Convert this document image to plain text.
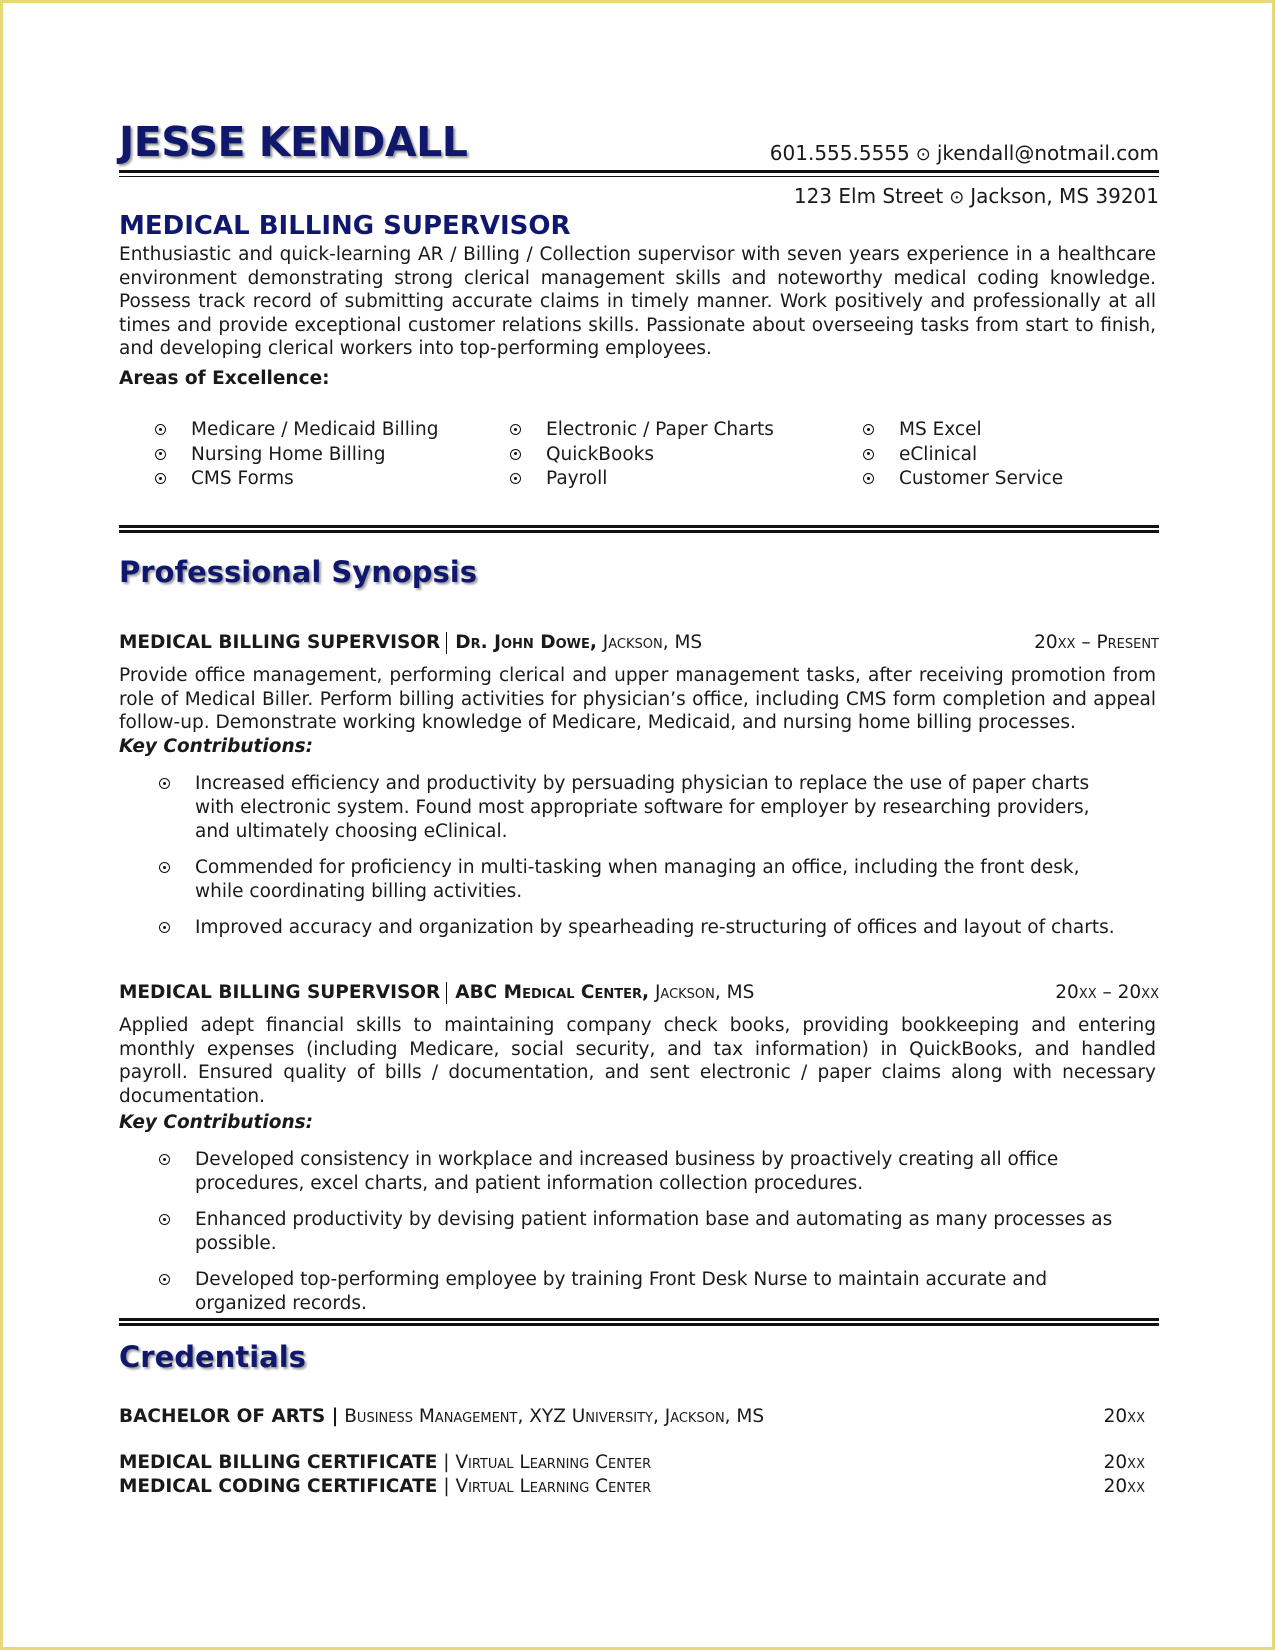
JESSE KENDALL	601.555.5555 ⊙ jkendall@notmail.com
123 Elm Street ⊙ Jackson, MS 39201
MEDICAL BILLING SUPERVISOR
Enthusiastic and quick-learning AR / Billing / Collection supervisor with seven years experience in a healthcare environment demonstrating strong clerical management skills and noteworthy medical coding knowledge. Possess track record of submitting accurate claims in timely manner. Work positively and professionally at all times and provide exceptional customer relations skills. Passionate about overseeing tasks from start to finish, and developing clerical workers into top-performing employees.
Areas of Excellence:
Medicare / Medicaid Billing
Nursing Home Billing
CMS Forms
Electronic / Paper Charts
QuickBooks
Payroll
MS Excel
eClinical
Customer Service
Professional Synopsis
MEDICAL BILLING SUPERVISOR Dr. John Dowe, Jackson, MS	20xx – Present
Provide office management, performing clerical and upper management tasks, after receiving promotion from role of Medical Biller. Perform billing activities for physician’s office, including CMS form completion and appeal follow-up. Demonstrate working knowledge of Medicare, Medicaid, and nursing home billing processes.
Key Contributions:
Increased efficiency and productivity by persuading physician to replace the use of paper charts with electronic system. Found most appropriate software for employer by researching providers, and ultimately choosing eClinical.
Commended for proficiency in multi-tasking when managing an office, including the front desk, while coordinating billing activities.
Improved accuracy and organization by spearheading re-structuring of offices and layout of charts.
MEDICAL BILLING SUPERVISOR ABC Medical Center, Jackson, MS	20xx – 20xx
Applied adept financial skills to maintaining company check books, providing bookkeeping and entering monthly expenses (including Medicare, social security, and tax information) in QuickBooks, and handled payroll. Ensured quality of bills / documentation, and sent electronic / paper claims along with necessary documentation.
Key Contributions:
Developed consistency in workplace and increased business by proactively creating all office procedures, excel charts, and patient information collection procedures.
Enhanced productivity by devising patient information base and automating as many processes as possible.
Developed top-performing employee by training Front Desk Nurse to maintain accurate and organized records.
Credentials
BACHELOR OF ARTS | Business Management, XYZ University, Jackson, MS	20xx
MEDICAL BILLING CERTIFICATE | Virtual Learning Center	20xx
MEDICAL CODING CERTIFICATE | Virtual Learning Center	20xx
